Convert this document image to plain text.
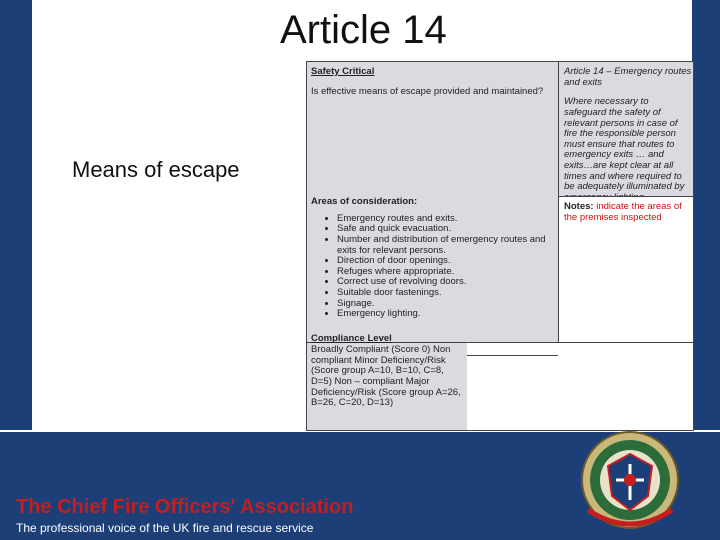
Article 14
Means of escape
Safety Critical
Is effective means of escape provided and maintained?
Article 14 – Emergency routes and exits
Where necessary to safeguard the safety of relevant persons in case of fire the responsible person must ensure that routes to emergency exits … and exits…are kept clear at all times and where required to be adequately illuminated by
Notes: indicate the areas of the premises inspected
Areas of consideration:
• Emergency routes and exits.
• Safe and quick evacuation.
• Number and distribution of emergency routes and exits for relevant persons.
• Direction of door openings.
• Refuges where appropriate.
• Correct use of revolving doors.
• Suitable door fastenings.
• Signage.
• Emergency lighting.
Compliance Level
Broadly Compliant (Score 0) Non compliant Minor Deficiency/Risk (Score group A=10, B=10, C=8, D=5) Non – compliant Major Deficiency/Risk (Score group A=26, B=26, C=20, D=13)
The Chief Fire Officers' Association
The professional voice of the UK fire and rescue service
